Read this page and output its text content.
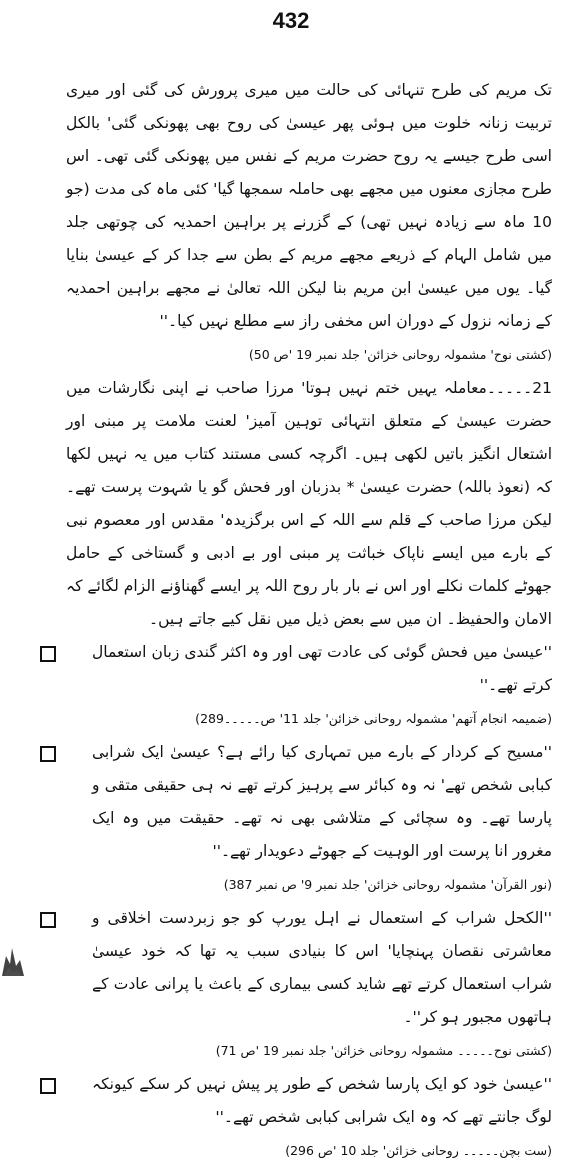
432

تک مریم کی طرح تنہائی کی حالت میں میری پرورش کی گئی اور میری تربیت زنانہ خلوت میں ہوئی پھر عیسیٰ کی روح بھی پھونکی گئی' بالکل اسی طرح جیسے یہ روح حضرت مریم کے نفس میں پھونکی گئی تھی۔ اس طرح مجازی معنوں میں مجھے بھی حاملہ سمجھا گیا' کئی ماہ کی مدت (جو 10 ماہ سے زیادہ نہیں تھی) کے گزرنے پر براہین احمدیہ کی چوتھی جلد میں شامل الہام کے ذریعے مجھے مریم کے بطن سے جدا کر کے عیسیٰ بنایا گیا۔ یوں میں عیسیٰ ابن مریم بنا لیکن اللہ تعالیٰ نے مجھے براہین احمدیہ کے زمانہ نزول کے دوران اس مخفی راز سے مطلع نہیں کیا۔''

(کشتی نوح' مشمولہ روحانی خزائن' جلد نمبر 19 'ص 50)

21۔۔۔۔۔معاملہ یہیں ختم نہیں ہوتا' مرزا صاحب نے اپنی نگارشات میں حضرت عیسیٰ کے متعلق انتہائی توہین آمیز' لعنت ملامت پر مبنی اور اشتعال انگیز باتیں لکھی ہیں۔ اگرچہ کسی مستند کتاب میں یہ نہیں لکھا کہ (نعوذ باللہ) حضرت عیسیٰ * بدزبان اور فحش گو یا شہوت پرست تھے۔ لیکن مرزا صاحب کے قلم سے اللہ کے اس برگزیدہ' مقدس اور معصوم نبی کے بارے میں ایسے ناپاک خباثت پر مبنی اور بے ادبی و گستاخی کے حامل جھوٹے کلمات نکلے اور اس نے بار بار روح اللہ پر ایسے گھناؤنے الزام لگائے کہ الامان والحفیظ۔ ان میں سے بعض ذیل میں نقل کیے جاتے ہیں۔

''عیسیٰ میں فحش گوئی کی عادت تھی اور وہ اکثر گندی زبان استعمال کرتے تھے۔''
(ضمیمہ انجام آتھم' مشمولہ روحانی خزائن' جلد 11' ص۔۔۔۔۔289)
''مسیح کے کردار کے بارے میں تمہاری کیا رائے ہے؟ عیسیٰ ایک شرابی کبابی شخص تھے' نہ وہ کبائر سے پرہیز کرتے تھے نہ ہی حقیقی متقی و پارسا تھے۔ وہ سچائی کے متلاشی بھی نہ تھے۔ حقیقت میں وہ ایک مغرور انا پرست اور الوہیت کے جھوٹے دعویدار تھے۔''
(نور القرآن' مشمولہ روحانی خزائن' جلد نمبر 9' ص نمبر 387)
''الکحل شراب کے استعمال نے اہل یورپ کو جو زبردست اخلاقی و معاشرتی نقصان پہنچایا' اس کا بنیادی سبب یہ تھا کہ خود عیسیٰ شراب استعمال کرتے تھے شاید کسی بیماری کے باعث یا پرانی عادت کے ہاتھوں مجبور ہو کر''۔
(کشتی نوح۔۔۔۔۔ مشمولہ روحانی خزائن' جلد نمبر 19 'ص 71)
''عیسیٰ خود کو ایک پارسا شخص کے طور پر پیش نہیں کر سکے کیونکہ لوگ جانتے تھے کہ وہ ایک شرابی کبابی شخص تھے۔''
(ست بچن۔۔۔۔۔ روحانی خزائن' جلد 10 'ص 296)
